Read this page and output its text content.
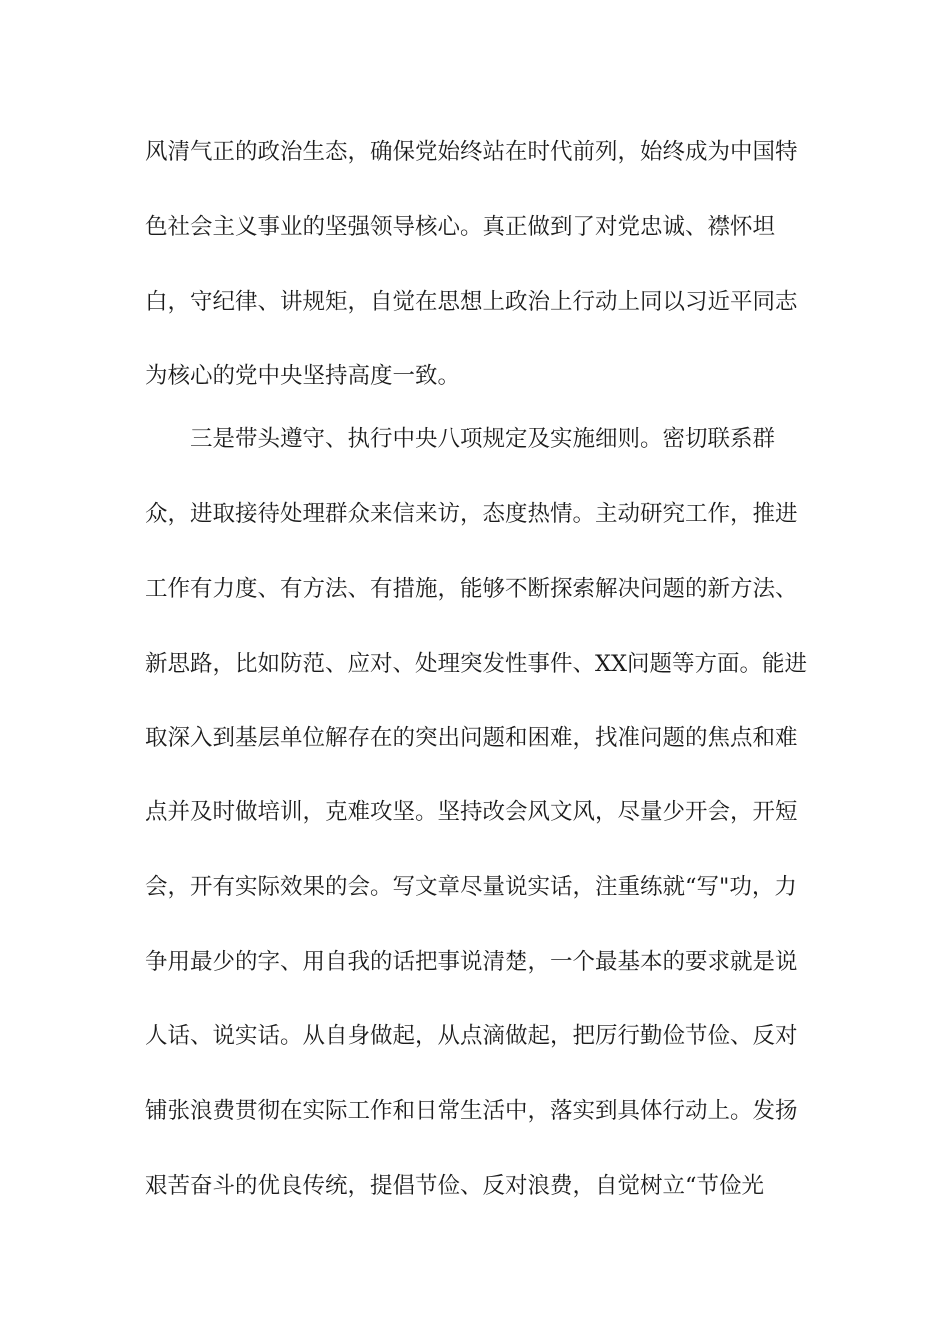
风清气正的政治生态，确保党始终站在时代前列，始终成为中国特

色社会主义事业的坚强领导核心。真正做到了对党忠诚、襟怀坦

白，守纪律、讲规矩，自觉在思想上政治上行动上同以习近平同志

为核心的党中央坚持高度一致。

三是带头遵守、执行中央八项规定及实施细则。密切联系群

众，进取接待处理群众来信来访，态度热情。主动研究工作，推进

工作有力度、有方法、有措施，能够不断探索解决问题的新方法、

新思路，比如防范、应对、处理突发性事件、XX问题等方面。能进

取深入到基层单位解存在的突出问题和困难，找准问题的焦点和难

点并及时做培训，克难攻坚。坚持改会风文风，尽量少开会，开短

会，开有实际效果的会。写文章尽量说实话，注重练就“写"功，力

争用最少的字、用自我的话把事说清楚，一个最基本的要求就是说

人话、说实话。从自身做起，从点滴做起，把厉行勤俭节俭、反对

铺张浪费贯彻在实际工作和日常生活中，落实到具体行动上。发扬

艰苦奋斗的优良传统，提倡节俭、反对浪费，自觉树立“节俭光
